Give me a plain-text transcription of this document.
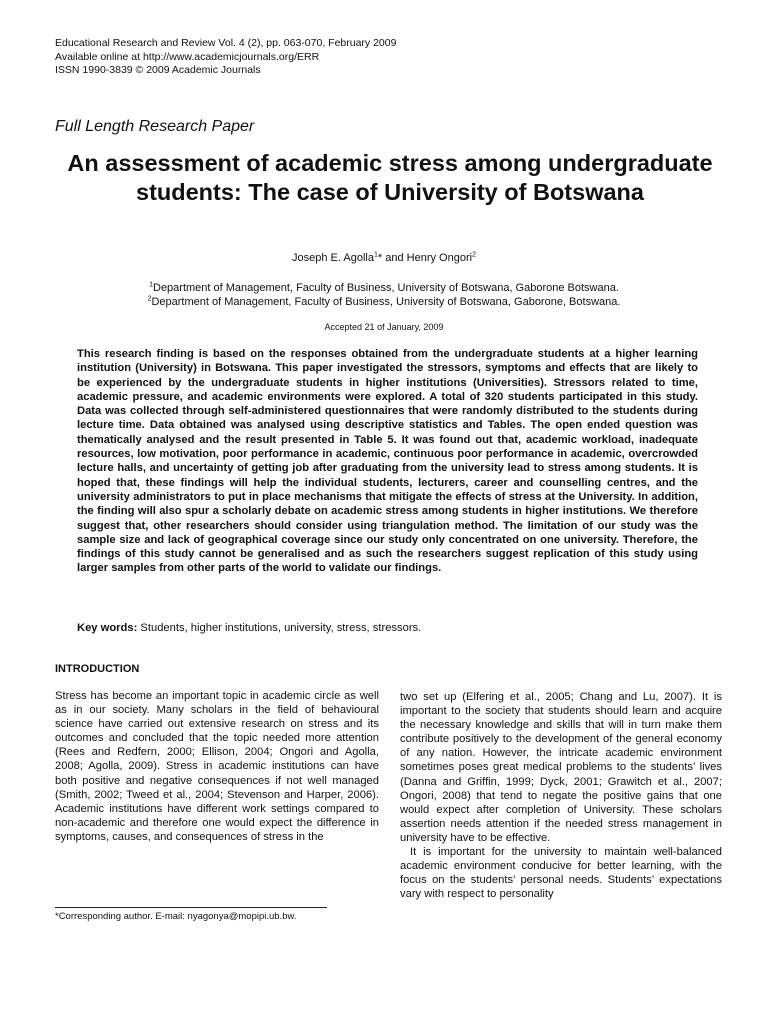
Educational Research and Review Vol. 4 (2), pp. 063-070, February 2009
Available online at http://www.academicjournals.org/ERR
ISSN 1990-3839 © 2009 Academic Journals
Full Length Research Paper
An assessment of academic stress among undergraduate students: The case of University of Botswana
Joseph E. Agolla$^1$* and Henry Ongori$^2$
$^1$Department of Management, Faculty of Business, University of Botswana, Gaborone Botswana.
$^2$Department of Management, Faculty of Business, University of Botswana, Gaborone, Botswana.
Accepted 21 of January, 2009
This research finding is based on the responses obtained from the undergraduate students at a higher learning institution (University) in Botswana. This paper investigated the stressors, symptoms and effects that are likely to be experienced by the undergraduate students in higher institutions (Universities). Stressors related to time, academic pressure, and academic environments were explored. A total of 320 students participated in this study. Data was collected through self-administered questionnaires that were randomly distributed to the students during lecture time. Data obtained was analysed using descriptive statistics and Tables. The open ended question was thematically analysed and the result presented in Table 5. It was found out that, academic workload, inadequate resources, low motivation, poor performance in academic, continuous poor performance in academic, overcrowded lecture halls, and uncertainty of getting job after graduating from the university lead to stress among students. It is hoped that, these findings will help the individual students, lecturers, career and counselling centres, and the university administrators to put in place mechanisms that mitigate the effects of stress at the University. In addition, the finding will also spur a scholarly debate on academic stress among students in higher institutions. We therefore suggest that, other researchers should consider using triangulation method. The limitation of our study was the sample size and lack of geographical coverage since our study only concentrated on one university. Therefore, the findings of this study cannot be generalised and as such the researchers suggest replication of this study using larger samples from other parts of the world to validate our findings.
Key words: Students, higher institutions, university, stress, stressors.
INTRODUCTION

Stress has become an important topic in academic circle as well as in our society. Many scholars in the field of behavioural science have carried out extensive research on stress and its outcomes and concluded that the topic needed more attention (Rees and Redfern, 2000; Ellison, 2004; Ongori and Agolla, 2008; Agolla, 2009). Stress in academic institutions can have both positive and negative consequences if not well managed (Smith, 2002; Tweed et al., 2004; Stevenson and Harper, 2006). Academic institutions have different work settings compared to non-academic and therefore one would expect the difference in symptoms, causes, and consequences of stress in the

two set up (Elfering et al., 2005; Chang and Lu, 2007). It is important to the society that students should learn and acquire the necessary knowledge and skills that will in turn make them contribute positively to the development of the general economy of any nation. However, the intricate academic environment sometimes poses great medical problems to the students’ lives (Danna and Griffin, 1999; Dyck, 2001; Grawitch et al., 2007; Ongori, 2008) that tend to negate the positive gains that one would expect after completion of University. These scholars assertion needs attention if the needed stress management in university have to be effective.

It is important for the university to maintain well-balanced academic environment conducive for better learning, with the focus on the students’ personal needs. Students’ expectations vary with respect to personality

*Corresponding author. E-mail: nyagonya@mopipi.ub.bw.
